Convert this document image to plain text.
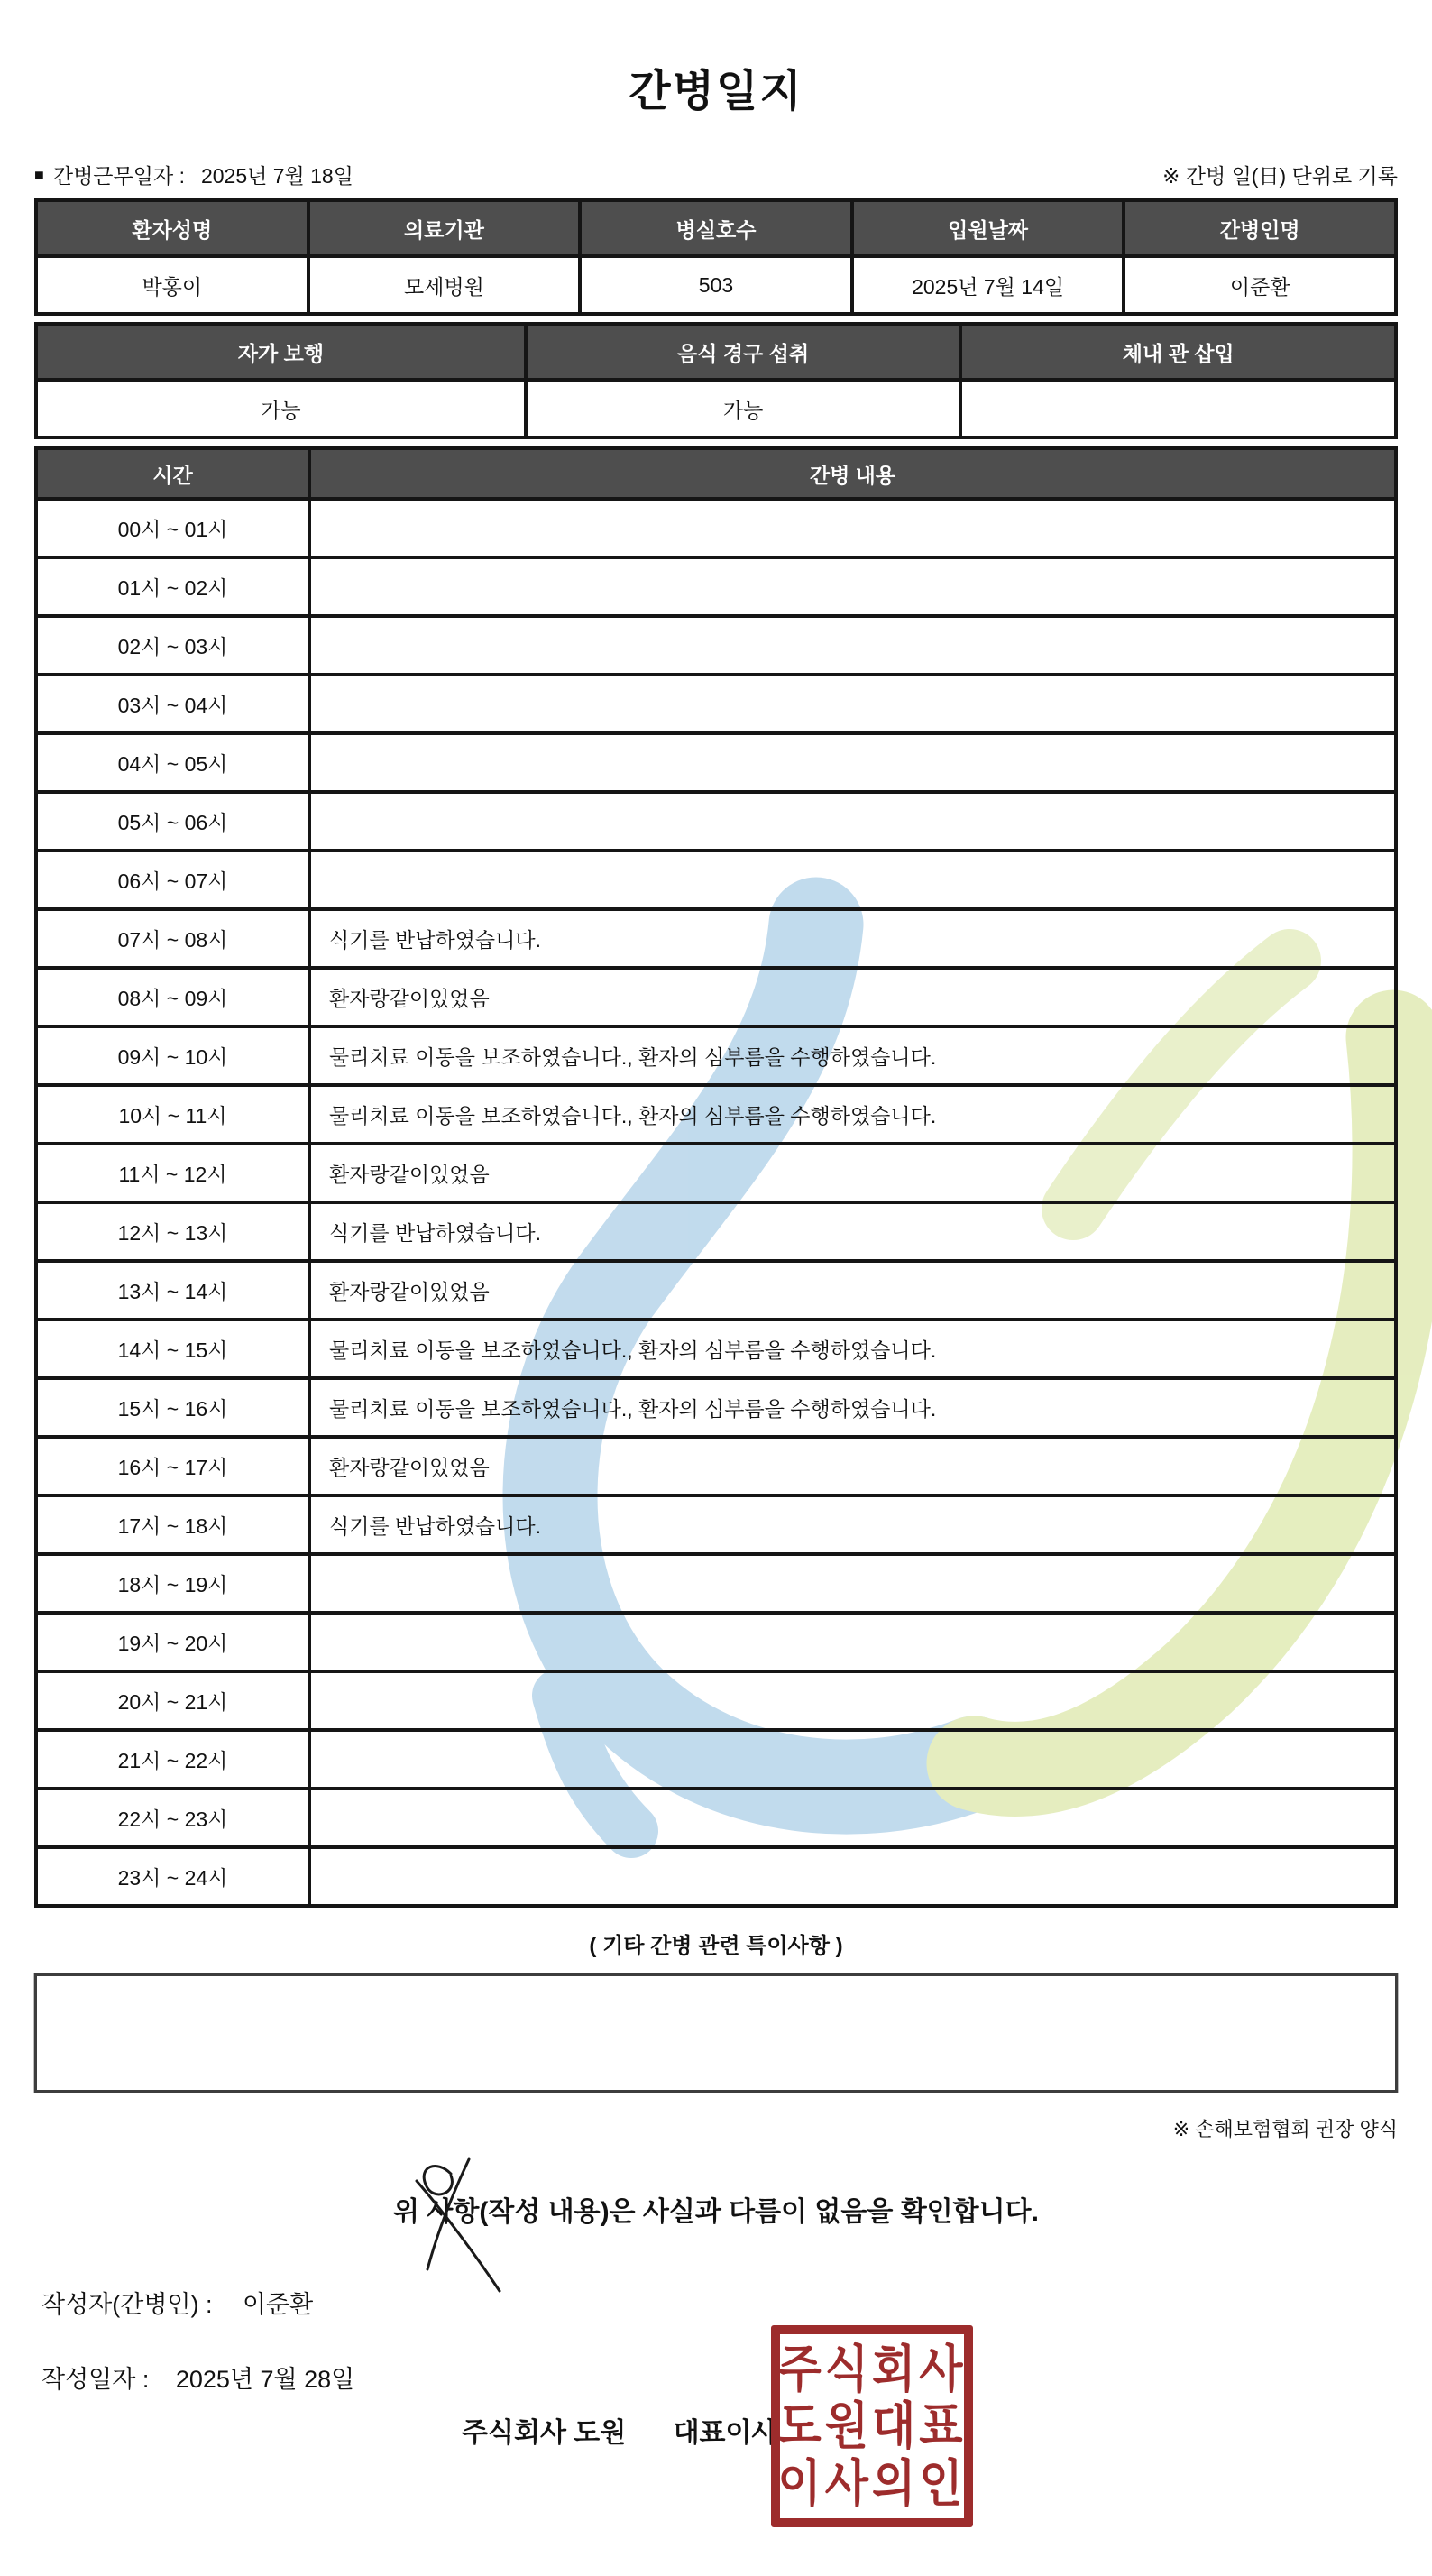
간병일지
■ 간병근무일자 : 2025년 7월 18일	※ 간병 일(日) 단위로 기록
환자성명	의료기관	병실호수	입원날짜	간병인명
박홍이	모세병원	503	2025년 7월 14일	이준환
자가 보행	음식 경구 섭취	체내 관 삽입
가능	가능	
시간	간병 내용
00시 ~ 01시	
01시 ~ 02시	
02시 ~ 03시	
03시 ~ 04시	
04시 ~ 05시	
05시 ~ 06시	
06시 ~ 07시	
07시 ~ 08시	식기를 반납하였습니다.
08시 ~ 09시	환자랑같이있었음
09시 ~ 10시	물리치료 이동을 보조하였습니다., 환자의 심부름을 수행하였습니다.
10시 ~ 11시	물리치료 이동을 보조하였습니다., 환자의 심부름을 수행하였습니다.
11시 ~ 12시	환자랑같이있었음
12시 ~ 13시	식기를 반납하였습니다.
13시 ~ 14시	환자랑같이있었음
14시 ~ 15시	물리치료 이동을 보조하였습니다., 환자의 심부름을 수행하였습니다.
15시 ~ 16시	물리치료 이동을 보조하였습니다., 환자의 심부름을 수행하였습니다.
16시 ~ 17시	환자랑같이있었음
17시 ~ 18시	식기를 반납하였습니다.
18시 ~ 19시	
19시 ~ 20시	
20시 ~ 21시	
21시 ~ 22시	
22시 ~ 23시	
23시 ~ 24시	
( 기타 간병 관련 특이사항 )
※ 손해보험협회 권장 양식
위 사항(작성 내용)은 사실과 다름이 없음을 확인합니다.
작성자(간병인) : 이준환
작성일자 : 2025년 7월 28일
주식회사 도원 대표이사
주식회사
도원대표
이사의인
